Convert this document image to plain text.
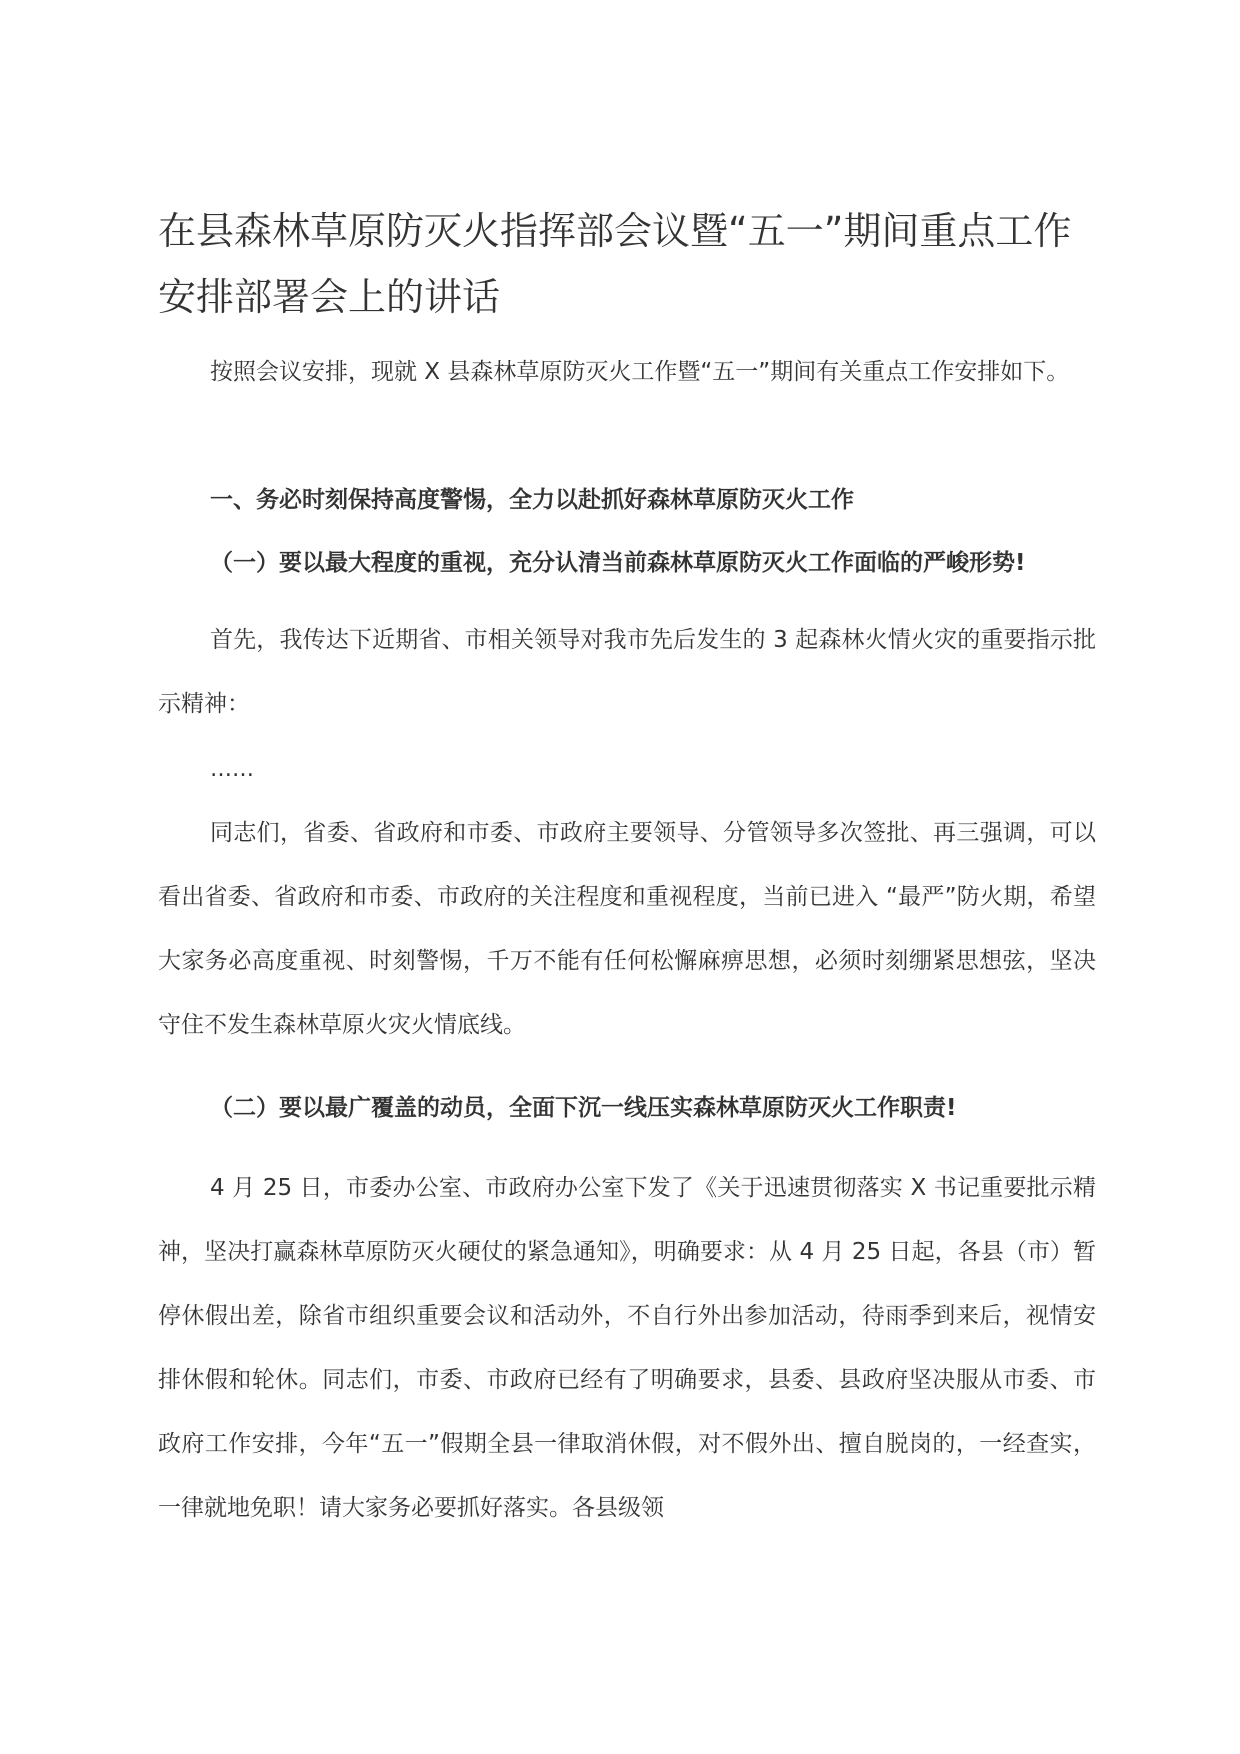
在县森林草原防灭火指挥部会议暨“五一”期间重点工作安排部署会上的讲话

按照会议安排，现就 X 县森林草原防灭火工作暨“五一”期间有关重点工作安排如下。

一、务必时刻保持高度警惕，全力以赴抓好森林草原防灭火工作

（一）要以最大程度的重视，充分认清当前森林草原防灭火工作面临的严峻形势!

首先，我传达下近期省、市相关领导对我市先后发生的 3 起森林火情火灾的重要指示批示精神：

……

同志们，省委、省政府和市委、市政府主要领导、分管领导多次签批、再三强调，可以看出省委、省政府和市委、市政府的关注程度和重视程度，当前已进入 “最严”防火期，希望大家务必高度重视、时刻警惕，千万不能有任何松懈麻痹思想，必须时刻绷紧思想弦，坚决守住不发生森林草原火灾火情底线。

（二）要以最广覆盖的动员，全面下沉一线压实森林草原防灭火工作职责!

4 月 25 日，市委办公室、市政府办公室下发了《关于迅速贯彻落实 X 书记重要批示精神，坚决打赢森林草原防灭火硬仗的紧急通知》，明确要求：从 4 月 25 日起，各县（市）暂停休假出差，除省市组织重要会议和活动外，不自行外出参加活动，待雨季到来后，视情安排休假和轮休。同志们，市委、市政府已经有了明确要求，县委、县政府坚决服从市委、市政府工作安排，今年“五一”假期全县一律取消休假，对不假外出、擅自脱岗的，一经查实，一律就地免职！请大家务必要抓好落实。各县级领
